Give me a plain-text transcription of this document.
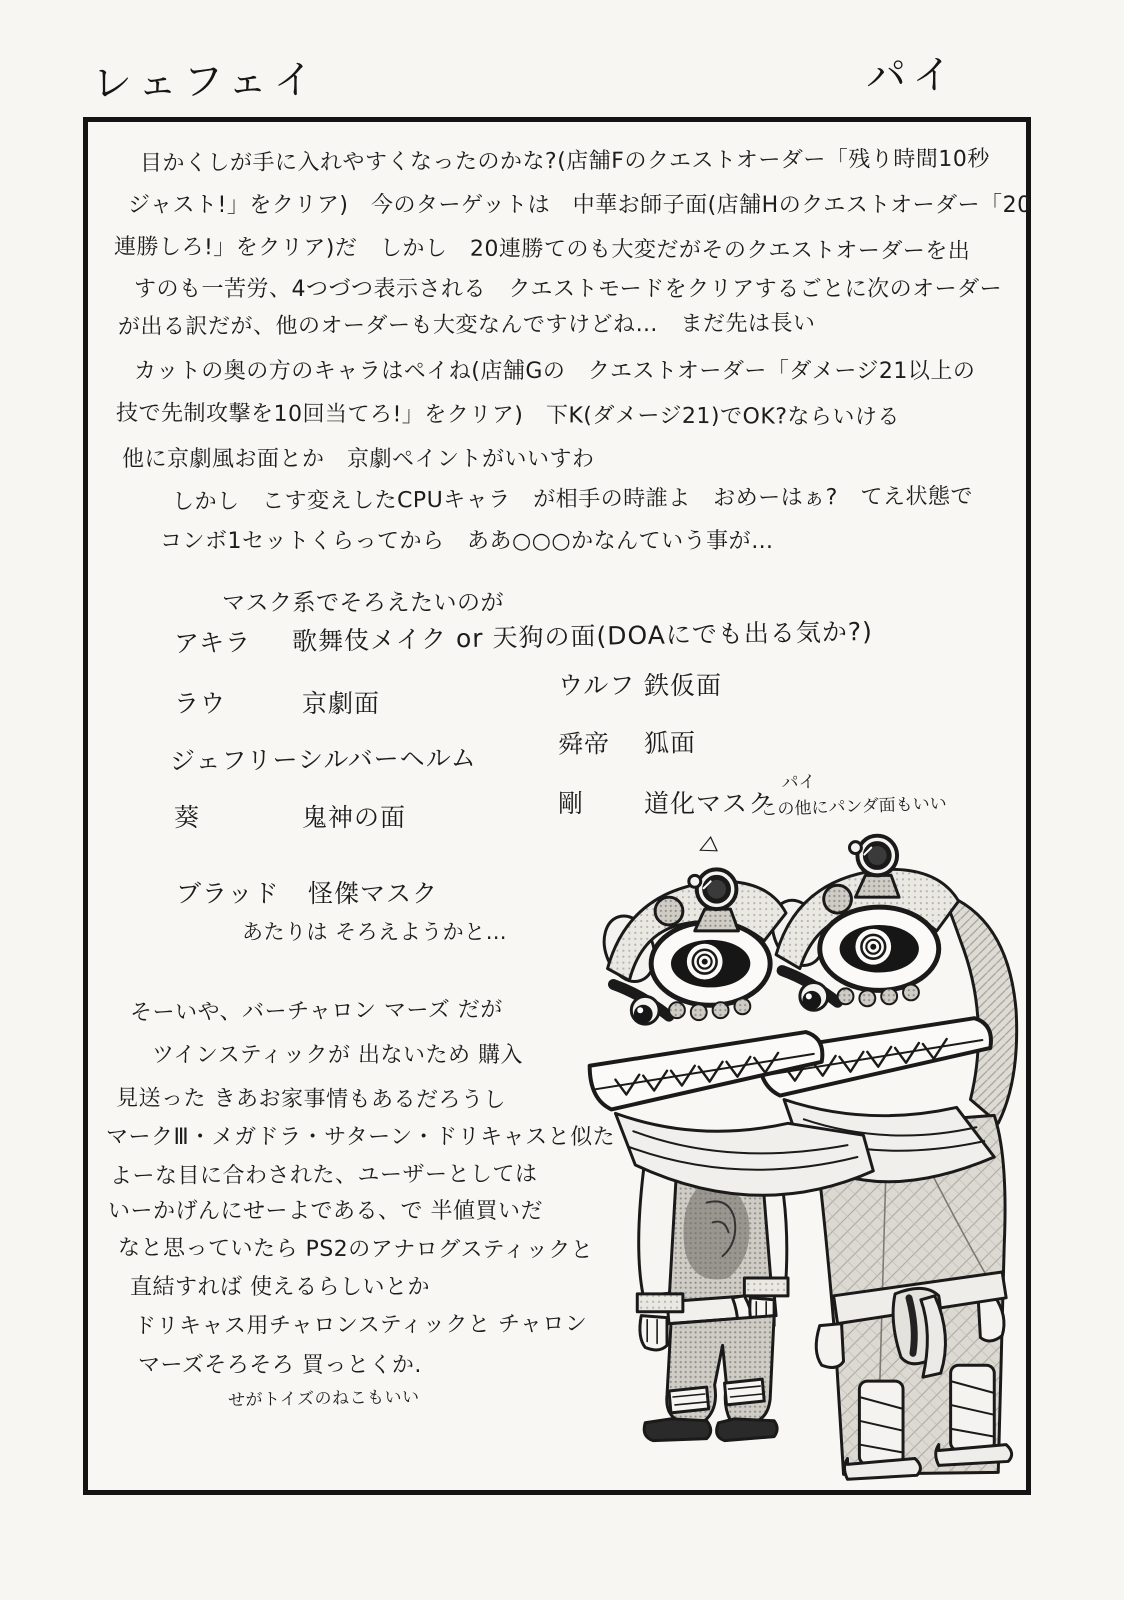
レェフェイ	パイ
目かくしが手に入れやすくなったのかな?(店舗Fのクエストオーダー「残り時間10秒
ジャスト!」をクリア)　今のターゲットは　中華お師子面(店舗Hのクエストオーダー「20
連勝しろ!」をクリア)だ　しかし　20連勝てのも大変だがそのクエストオーダーを出
すのも一苦労、4つづつ表示される　クエストモードをクリアするごとに次のオーダー
が出る訳だが、他のオーダーも大変なんですけどね…　まだ先は長い
カットの奥の方のキャラはペイね(店舗Gの　クエストオーダー「ダメージ21以上の
技で先制攻撃を10回当てろ!」をクリア)　下K(ダメージ21)でOK?ならいける
他に京劇風お面とか　京劇ペイントがいいすわ
しかし　こす変えしたCPUキャラ　が相手の時誰よ　おめーはぁ?　てえ状態で
コンボ1セットくらってから　ああ○○○かなんていう事が…
マスク系でそろえたいのが
アキラ	歌舞伎メイク or 天狗の面(DOAにでも出る気か?)
ラウ	京劇面
ジェフリー シルバーヘルム
葵	鬼神の面
ウルフ 鉄仮面
舜帝	狐面
剛	道化マスク
パイ
この他にパンダ面もいい
◁
ブラッド	怪傑マスク
あたりは そろえようかと…
そーいや、バーチャロン マーズ だが
ツインスティックが 出ないため 購入
見送った きあお家事情もあるだろうし
マークⅢ・メガドラ・サターン・ドリキャスと似た
よーな目に合わされた、ユーザーとしては
いーかげんにせーよである、で 半値買いだ
なと思っていたら PS2のアナログスティックと
直結すれば 使えるらしいとか
ドリキャス用チャロンスティックと チャロン
マーズそろそろ 買っとくか.
せがトイズのねこもいい
